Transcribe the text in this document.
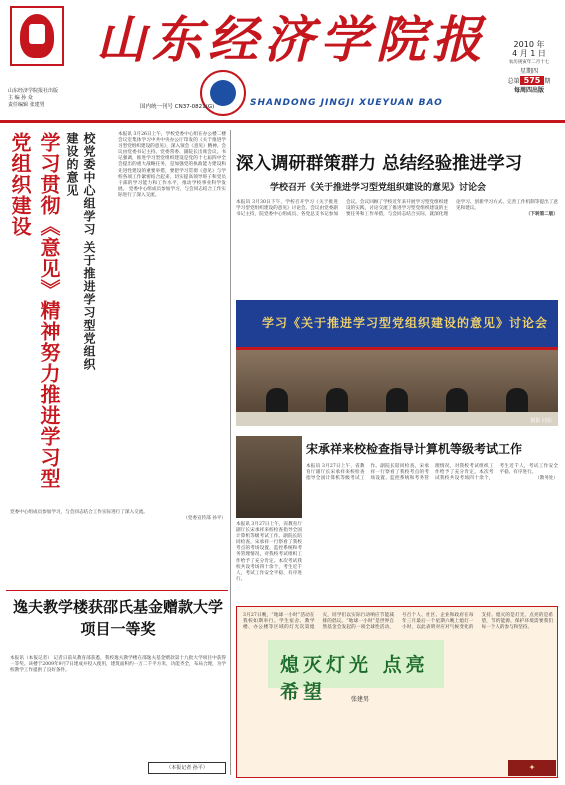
山东经济学院报社出版
主 编 孙 众
责任编辑 张建男
山东经济学院报
国内统一刊号 CN37-0821(G)	SHANDONG JINGJI XUEYUAN BAO
2010 年
4 月 1 日
农历庚寅年二月十七
星期四
总第 575 期
每周四出版
学习贯彻《意见》精神努力推进学习型党组织建设	校党委中心组学习 关于推进学习型党组织建设的意见	本报讯 3月26日上午，学校党委中心组在办公楼二楼会议室集体学习中共中央办公厅印发的《关于推进学习型党组织建设的意见》，深入领会《意见》精神。会议由党委书记主持。党委常委、副院长出席会议。书记强调，推进学习型党组织建设是党的十七届四中全会提出的重大战略任务，是加强党的执政能力建设和先进性建设的重要举措，要把学习贯彻《意见》与学校各项工作紧密结合起来，切实提高领导班子和党员干部的学习能力和工作水平，推动学校事业科学发展。 党委中心组成员参加学习，与会同志结合工作实际进行了深入交流。
党委中心组成员参加学习，与会同志结合工作实际进行了深入交流。
（党委宣传部 孙平）
逸夫教学楼获邵氏基金赠款大学项目一等奖
本报讯（本报记者） 记者日前从教育部获悉，我校逸夫教学楼在邵逸夫基金赠款第十九批大学项目中获得一等奖。该楼于2009年9月7日建成并投入使用，建筑面积约一万二千平方米，功能齐全，布局合理，为学校教学工作提供了良好条件。
（本报记者 孙平）
深入调研群策群力 总结经验推进学习
学校召开《关于推进学习型党组织建设的意见》讨论会
本报讯 3月30日下午，学校召开学习《关于推进学习型党组织建设的意见》讨论会。会议由党委副书记主持，院党委中心组成员、各党总支书记参加会议。会议回顾了学校近年来开展学习型党组织建设的实践，讨论交流了推进学习型党组织建设的主要任务和工作举措，与会同志结合实际，就深化理论学习、创新学习方式、完善工作机制等提出了意见和建议。
（下转第二版）
学习《关于推进学习型党组织建设的意见》讨论会
摄影 问东
宋承祥来校检查指导计算机等级考试工作
本报讯 3月27日上午，省教育厅副厅长宋承祥来校检查指导全国计算机等级考试工作。副院长陪同检查。宋承祥一行察看了我校考点的考场设置、监控系统和考务管理情况，对我校考试组织工作给予了充分肯定。本次考试我校共设考场四十余个，考生近千人，考试工作安全平稳、有序进行。
（教务处）
本报讯 3月27日上午，省教育厅副厅长宋承祥来校检查指导全国计算机等级考试工作。副院长陪同检查。宋承祥一行察看了我校考点的考场设置、监控系统和考务管理情况，对我校考试组织工作给予了充分肯定。本次考试我校共设考场四十余个，考生近千人，考试工作安全平稳、有序进行。
3月27日晚，“地球一小时”活动在我校如期举行。学生宿舍、教学楼、办公楼等区域的灯光次第熄灭，同学们以实际行动响应节能减排的倡议。“地球一小时”是世界自然基金会发起的一项全球性活动，号召个人、社区、企业和政府在每年三月最后一个星期六晚上熄灯一小时，以此表明对应对气候变化的支持。熄灭的是灯光，点亮的是希望，节约能源、保护环境需要我们每一个人的参与和坚持。
熄灭灯光 点亮希望	张建男
✦
